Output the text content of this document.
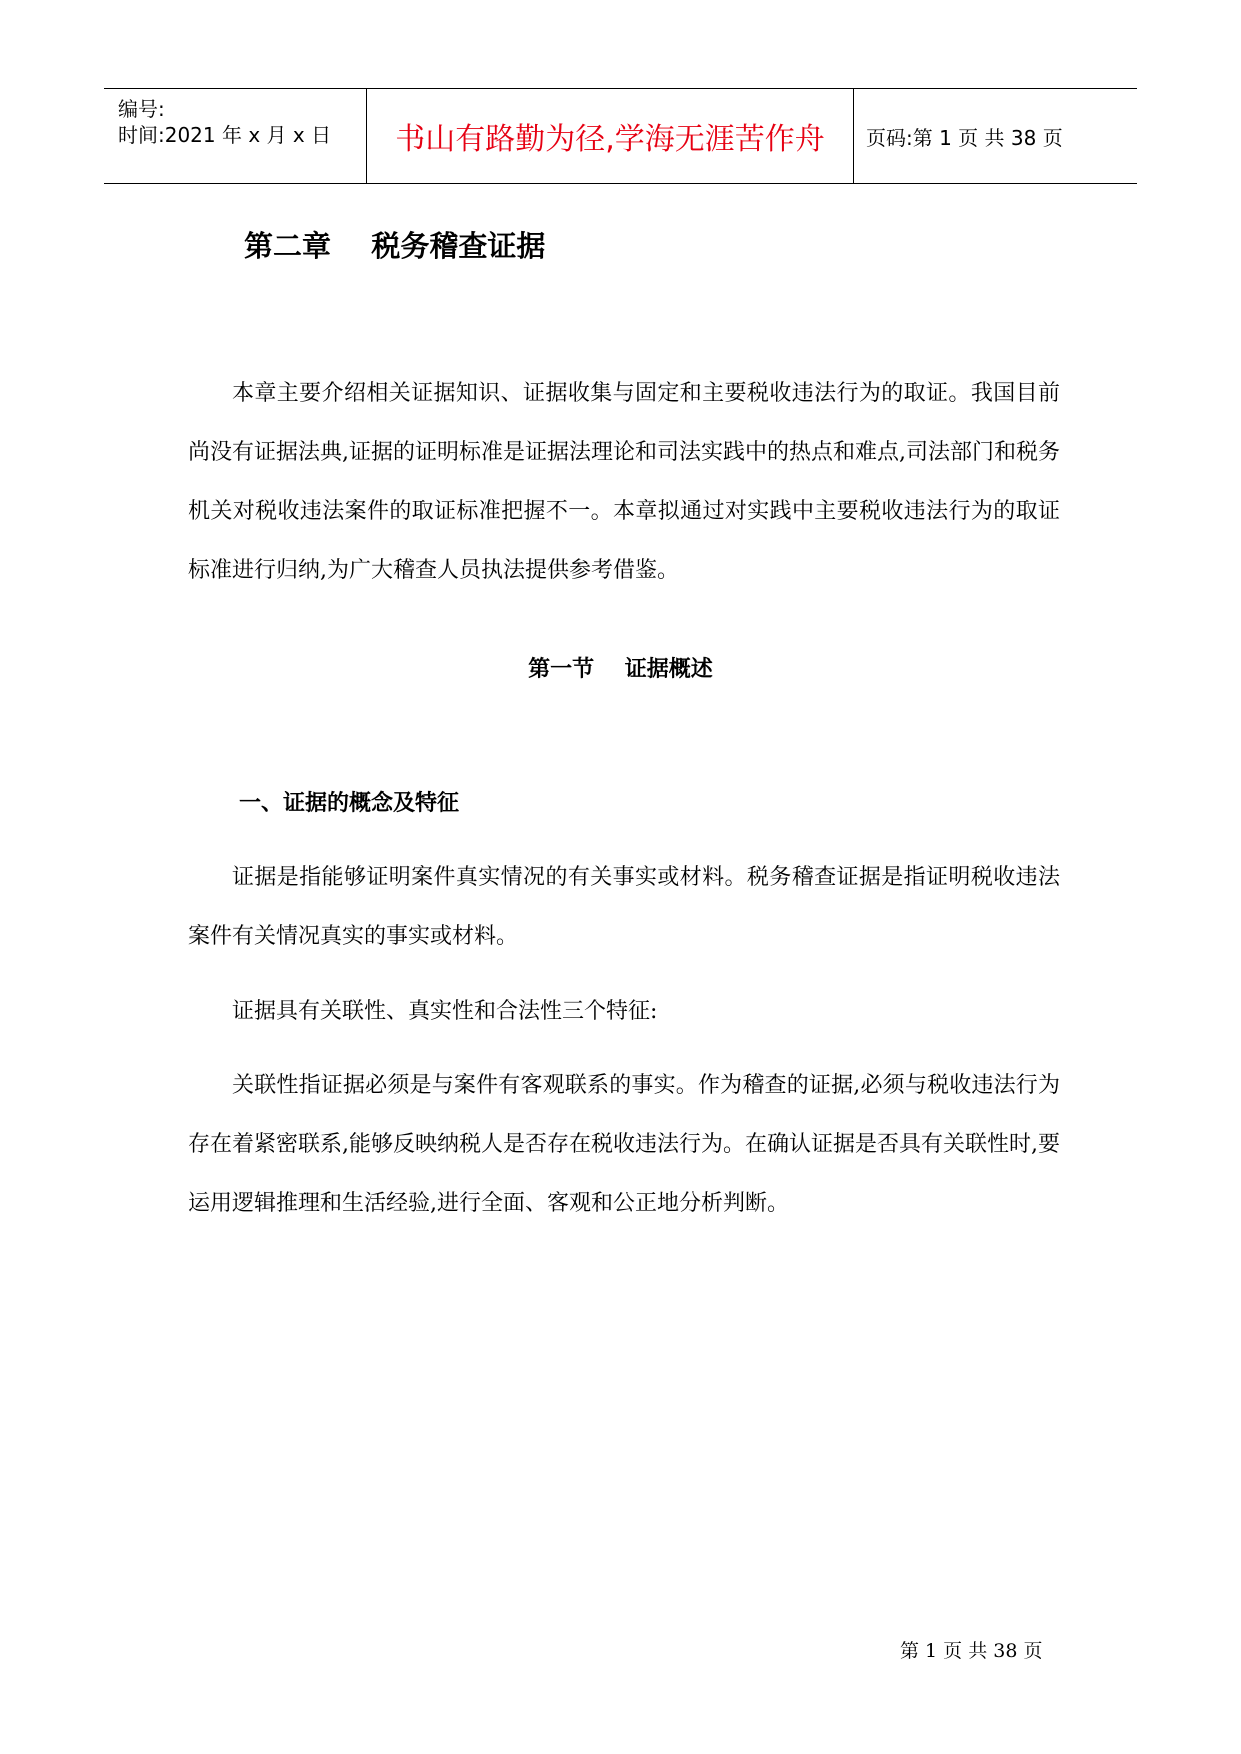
编号:
时间:2021 年 x 月 x 日	书山有路勤为径,学海无涯苦作舟	页码:第 1 页 共 38 页
第二章    税务稽查证据

本章主要介绍相关证据知识、证据收集与固定和主要税收违法行为的取证。我国目前尚没有证据法典,证据的证明标准是证据法理论和司法实践中的热点和难点,司法部门和税务机关对税收违法案件的取证标准把握不一。本章拟通过对实践中主要税收违法行为的取证标准进行归纳,为广大稽查人员执法提供参考借鉴。

第一节    证据概述
一、证据的概念及特征

证据是指能够证明案件真实情况的有关事实或材料。税务稽查证据是指证明税收违法案件有关情况真实的事实或材料。

证据具有关联性、真实性和合法性三个特征:

关联性指证据必须是与案件有客观联系的事实。作为稽查的证据,必须与税收违法行为存在着紧密联系,能够反映纳税人是否存在税收违法行为。在确认证据是否具有关联性时,要运用逻辑推理和生活经验,进行全面、客观和公正地分析判断。

第 1 页 共 38 页
